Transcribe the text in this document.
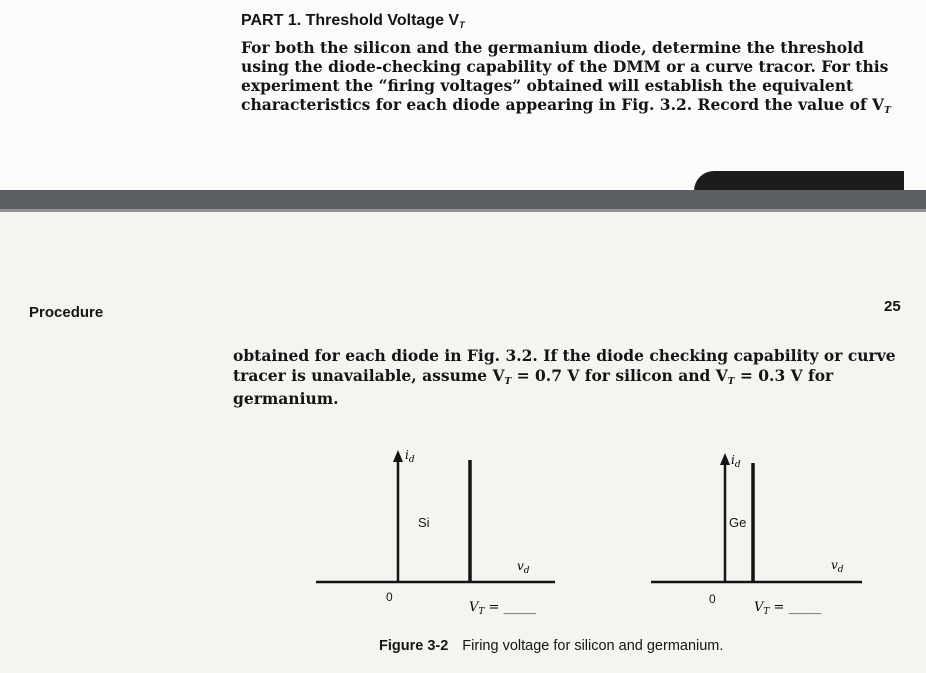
PART 1. Threshold Voltage VT
For both the silicon and the germanium diode, determine the threshold using the diode-checking capability of the DMM or a curve tracor. For this experiment the “firing voltages” obtained will establish the equivalent characteristics for each diode appearing in Fig. 3.2. Record the value of VT
Procedure	25
obtained for each diode in Fig. 3.2. If the diode checking capability or curve tracer is unavailable, assume VT = 0.7 V for silicon and VT = 0.3 V for germanium.
$i_d$
Si
$v_d$
0
$V_T$ = _____
$i_d$
Ge
$v_d$
0
$V_T$ = _____
Figure 3-2 Firing voltage for silicon and germanium.
